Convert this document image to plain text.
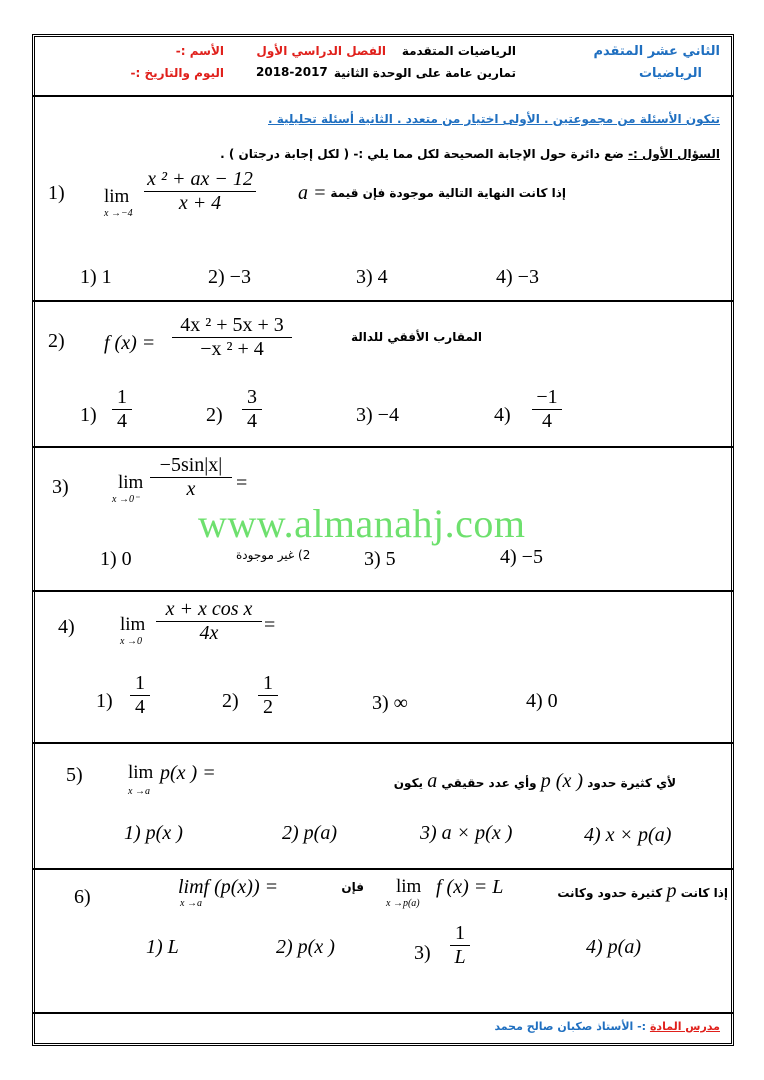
الثاني عشر المتقدم
الرياضيات
الرياضيات المتقدمة
الفصل الدراسي الأول
تمارين عامة على الوحدة الثانية
2018-2017
الأسم :-
اليوم والتاريخ :-
تتكون الأسئلة من مجموعتين . الأولى اختيار من متعدد . الثانية أسئلة تحليلية .
السؤال الأول :- ضع دائرة حول الإجابة الصحيحة لكل مما يلي :- ( لكل إجابة درجتان ) .
1) lim
x →−4
x ² + ax − 12
x + 4	a = إذا كانت النهاية التالية موجودة فإن قيمة
1) 1	2) −3	3) 4	4) −3
2) f (x) =
4x ² + 5x + 3
−x ² + 4
المقارب الأفقي للدالة
1)
1
4	2)
3
4	3) −4	4)
−1
4
3)	lim
x →0⁻
−5sin|x|
x	=
www.almanahj.com
1) 0	2) غير موجودة	3) 5	4) −5
4) lim
x →0
x + x cos x
4x	=
1)
1
4	2)
1
2	3) ∞	4) 0
5) lim
x →a
p(x ) =	لأي كثيرة حدود p (x ) وأي عدد حقيقي a يكون
1) p(x )	2) p(a)	3) a × p(x )	4) x × p(a)
6)	limf (p(x)) =
x →a
فإن lim
x →p(a)
f (x) = L	إذا كانت p كثيرة حدود وكانت
1) L	2) p(x )	3)
1
L	4) p(a)
مدرس المادة :- الأستاذ صكبان صالح محمد
